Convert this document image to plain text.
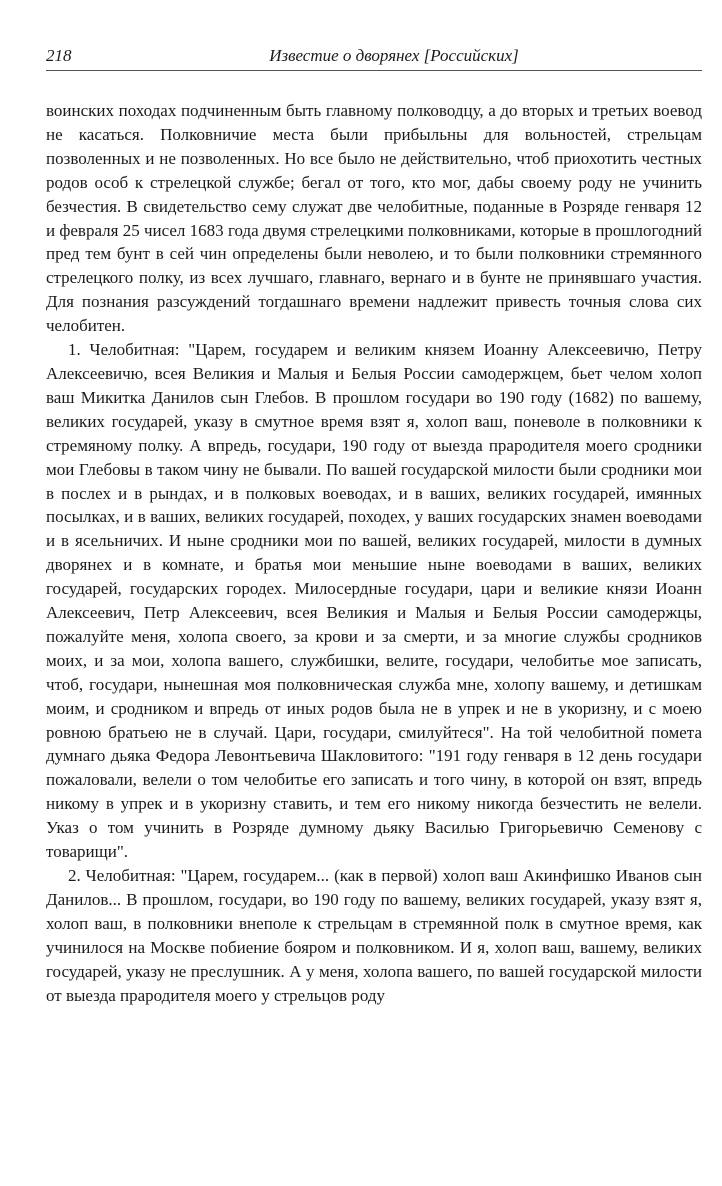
218	Известие о дворянех [Российских]

воинских походах подчиненным быть главному полководцу, а до вторых и третьих воевод не касаться. Полковничие места были прибыльны для вольностей, стрельцам позволенных и не позволенных. Но все было не действительно, чтоб приохотить честных родов особ к стрелецкой службе; бегал от того, кто мог, дабы своему роду не учинить безчестия. В свидетельство сему служат две челобитные, поданные в Розряде генваря 12 и февраля 25 чисел 1683 года двумя стрелецкими полковниками, которые в прошлогодний пред тем бунт в сей чин определены были неволею, и то были полковники стремянного стрелецкого полку, из всех лучшаго, главнаго, вернаго и в бунте не принявшаго участия. Для познания разсуждений тогдашнаго времени надлежит привесть точныя слова сих челобитен.

1. Челобитная: "Царем, государем и великим князем Иоанну Алексеевичю, Петру Алексеевичю, всея Великия и Малыя и Белыя России самодержцем, бьет челом холоп ваш Микитка Данилов сын Глебов. В прошлом государи во 190 году (1682) по вашему, великих государей, указу в смутное время взят я, холоп ваш, поневоле в полковники к стремяному полку. А впредь, государи, 190 году от выезда прародителя моего сродники мои Глебовы в таком чину не бывали. По вашей государской милости были сродники мои в послех и в рындах, и в полковых воеводах, и в ваших, великих государей, имянных посылках, и в ваших, великих государей, походех, у ваших государских знамен воеводами и в ясельничих. И ныне сродники мои по вашей, великих государей, милости в думных дворянех и в комнате, и братья мои меньшие ныне воеводами в ваших, великих государей, государских городех. Милосердные государи, цари и великие князи Иоанн Алексеевич, Петр Алексеевич, всея Великия и Малыя и Белыя России самодержцы, пожалуйте меня, холопа своего, за крови и за смерти, и за многие службы сродников моих, и за мои, холопа вашего, службишки, велите, государи, челобитье мое записать, чтоб, государи, нынешная моя полковническая служба мне, холопу вашему, и детишкам моим, и сродником и впредь от иных родов была не в упрек и не в укоризну, и с моею ровною братьею не в случай. Цари, государи, смилуйтеся". На той челобитной помета думнаго дьяка Федора Левонтьевича Шакловитого: "191 году генваря в 12 день государи пожаловали, велели о том челобитье его записать и того чину, в которой он взят, впредь никому в упрек и в укоризну ставить, и тем его никому никогда безчестить не велели. Указ о том учинить в Розряде думному дьяку Василью Григорьевичю Семенову с товарищи".

2. Челобитная: "Царем, государем... (как в первой) холоп ваш Акинфишко Иванов сын Данилов... В прошлом, государи, во 190 году по вашему, великих государей, указу взят я, холоп ваш, в полковники внеполе к стрельцам в стремянной полк в смутное время, как учинилося на Москве побиение бояром и полковником. И я, холоп ваш, вашему, великих государей, указу не преслушник. А у меня, холопа вашего, по вашей государской милости от выезда прародителя моего у стрельцов роду
